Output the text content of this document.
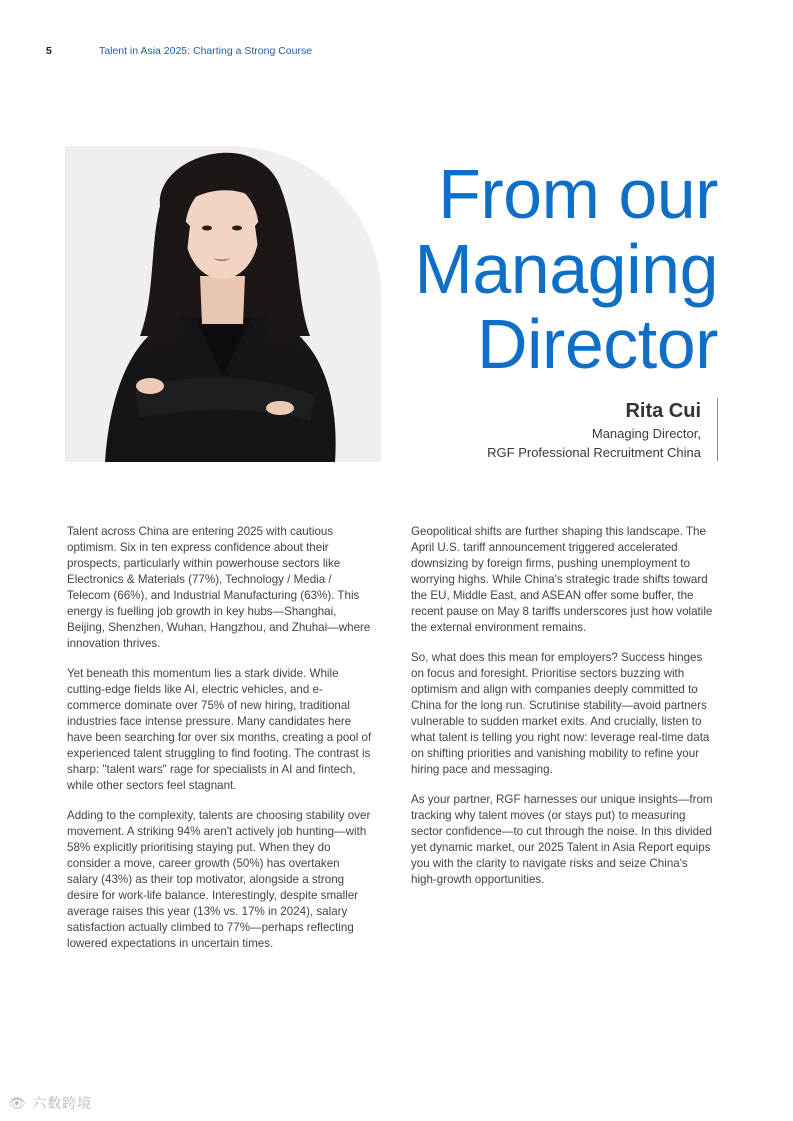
5	Talent in Asia 2025: Charting a Strong Course
From our
Managing
Director
Rita Cui
Managing Director,
RGF Professional Recruitment China

Talent across China are entering 2025 with cautious optimism. Six in ten express confidence about their prospects, particularly within powerhouse sectors like Electronics & Materials (77%), Technology / Media / Telecom (66%), and Industrial Manufacturing (63%). This energy is fuelling job growth in key hubs—Shanghai, Beijing, Shenzhen, Wuhan, Hangzhou, and Zhuhai—where innovation thrives.

Yet beneath this momentum lies a stark divide. While cutting-edge fields like AI, electric vehicles, and e-commerce dominate over 75% of new hiring, traditional industries face intense pressure. Many candidates here have been searching for over six months, creating a pool of experienced talent struggling to find footing. The contrast is sharp: "talent wars" rage for specialists in AI and fintech, while other sectors feel stagnant.

Adding to the complexity, talents are choosing stability over movement. A striking 94% aren't actively job hunting—with 58% explicitly prioritising staying put. When they do consider a move, career growth (50%) has overtaken salary (43%) as their top motivator, alongside a strong desire for work-life balance. Interestingly, despite smaller average raises this year (13% vs. 17% in 2024), salary satisfaction actually climbed to 77%—perhaps reflecting lowered expectations in uncertain times.

Geopolitical shifts are further shaping this landscape. The April U.S. tariff announcement triggered accelerated downsizing by foreign firms, pushing unemployment to worrying highs. While China's strategic trade shifts toward the EU, Middle East, and ASEAN offer some buffer, the recent pause on May 8 tariffs underscores just how volatile the external environment remains.

So, what does this mean for employers? Success hinges on focus and foresight. Prioritise sectors buzzing with optimism and align with companies deeply committed to China for the long run. Scrutinise stability—avoid partners vulnerable to sudden market exits. And crucially, listen to what talent is telling you right now: leverage real-time data on shifting priorities and vanishing mobility to refine your hiring pace and messaging.

As your partner, RGF harnesses our unique insights—from tracking why talent moves (or stays put) to measuring sector confidence—to cut through the noise. In this divided yet dynamic market, our 2025 Talent in Asia Report equips you with the clarity to navigate risks and seize China's high-growth opportunities.

👁 六数跨境
